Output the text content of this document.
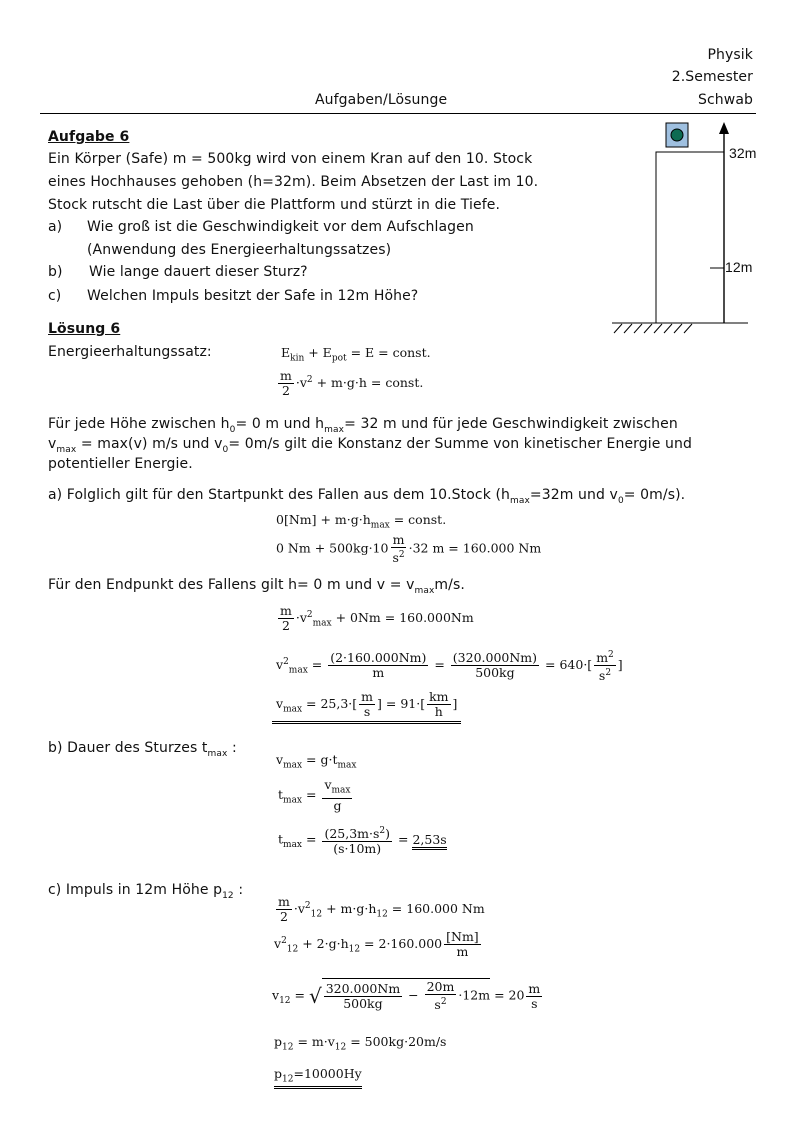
Physik
2.Semester
Schwab
Aufgaben/Lösunge
Aufgabe 6
Ein Körper (Safe) m = 500kg wird von einem Kran auf den 10. Stock
eines Hochhauses gehoben (h=32m). Beim Absetzen der Last im 10.
Stock rutscht die Last über die Plattform und stürzt in die Tiefe.
a) Wie groß ist die Geschwindigkeit vor dem Aufschlagen
(Anwendung des Energieerhaltungssatzes)
b) Wie lange dauert dieser Sturz?
c) Welchen Impuls besitzt der Safe in 12m Höhe?
32m
12m
Lösung 6
Energieerhaltungssatz:	$E_{kin} + E_{pot} = E$ = const.
$\frac{m}{2} \cdot v^2 + m\cdot g\cdot h$ = const.
Für jede Höhe zwischen $h_0= 0$ m und $h_{max}= 32$ m und für jede Geschwindigkeit zwischen
$v_{max} = \max(v)$ m/s und $v_0= 0m/s$ gilt die Konstanz der Summe von kinetischer Energie und
potentieller Energie.
a) Folglich gilt für den Startpunkt des Fallen aus dem 10.Stock ($h_{max}=32m$ und $v_0= 0m/s$).
$0[Nm] + m\cdot g\cdot h_{max}$ = const.
0 $Nm + 500kg\cdot 10 \frac{m}{s^2} \cdot 32$ m = 160.000 Nm
Für den Endpunkt des Fallens gilt h= 0 m und $v = v_{max}m/s$.
$\frac{m}{2} \cdot v^2_{max} + 0Nm = 160.000Nm$
$v^2_{max} = \frac{(2\cdot 160.000Nm)}{m} = \frac{(320.000Nm)}{500kg} = 640\cdot[ \frac{m^2}{s^2}$ ]
$v_{max} = 25,3\cdot[ \frac{m}{s}$ ] = $91\cdot[ \frac{km}{h}$ ]
b) Dauer des Sturzes $t_{max}$ :
$v_{max} = g\cdot t_{max}$
$t_{max} = \frac{v_{max}}{g}$
$t_{max} = \frac{(25,3m\cdot s^2)}{(s\cdot 10m)} = 2,53s$
c) Impuls in 12m Höhe $p_{12}$ :
$\frac{m}{2} \cdot v^2_{12} + m\cdot g\cdot h_{12} = 160.000$ Nm
$v^2_{12} + 2\cdot g\cdot h_{12} = 2\cdot 160.000 \frac{[Nm]}{m}$
$v_{12}$ = √ $\frac{320.000Nm}{500kg} - \frac{20m}{s^2} \cdot 12m = 20 \frac{m}{s}$
$p_{12} = m\cdot v_{12} = 500kg\cdot 20m/s$
$p_{12}=10000Hy$
